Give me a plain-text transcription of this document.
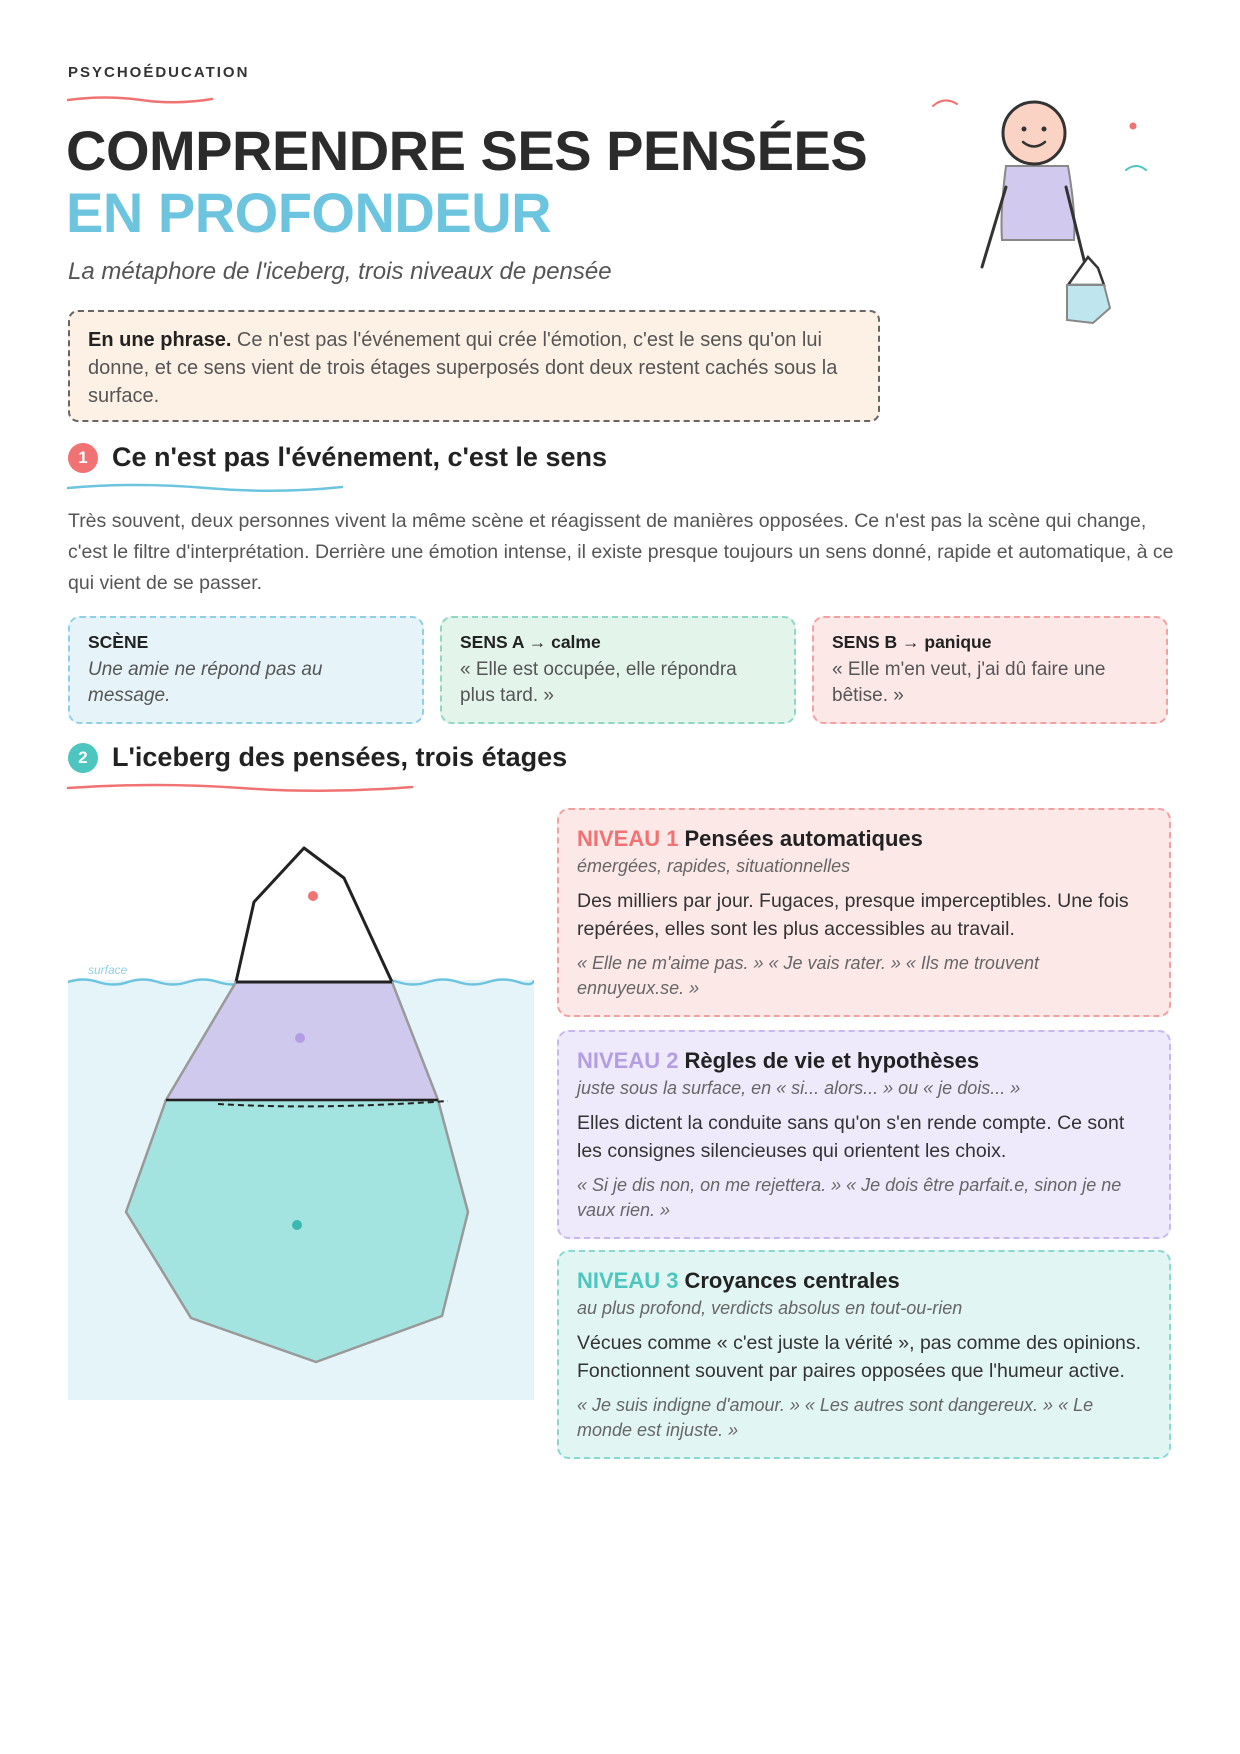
PSYCHOÉDUCATION
COMPRENDRE SES PENSÉES
EN PROFONDEUR
La métaphore de l'iceberg, trois niveaux de pensée
En une phrase. Ce n'est pas l'événement qui crée l'émotion, c'est le sens qu'on lui donne, et ce sens vient de trois étages superposés dont deux restent cachés sous la surface.
1 Ce n'est pas l'événement, c'est le sens
Très souvent, deux personnes vivent la même scène et réagissent de manières opposées. Ce n'est pas la scène qui change, c'est le filtre d'interprétation. Derrière une émotion intense, il existe presque toujours un sens donné, rapide et automatique, à ce qui vient de se passer.
SCÈNE
Une amie ne répond pas au message.
SENS A → calme
« Elle est occupée, elle répondra plus tard. »
SENS B → panique
« Elle m'en veut, j'ai dû faire une bêtise. »
2 L'iceberg des pensées, trois étages
surface
NIVEAU 1 Pensées automatiques
émergées, rapides, situationnelles
Des milliers par jour. Fugaces, presque imperceptibles. Une fois repérées, elles sont les plus accessibles au travail.
« Elle ne m'aime pas. » « Je vais rater. » « Ils me trouvent ennuyeux.se. »
NIVEAU 2 Règles de vie et hypothèses
juste sous la surface, en « si... alors... » ou « je dois... »
Elles dictent la conduite sans qu'on s'en rende compte. Ce sont les consignes silencieuses qui orientent les choix.
« Si je dis non, on me rejettera. » « Je dois être parfait.e, sinon je ne vaux rien. »
NIVEAU 3 Croyances centrales
au plus profond, verdicts absolus en tout-ou-rien
Vécues comme « c'est juste la vérité », pas comme des opinions. Fonctionnent souvent par paires opposées que l'humeur active.
« Je suis indigne d'amour. » « Les autres sont dangereux. » « Le monde est injuste. »
